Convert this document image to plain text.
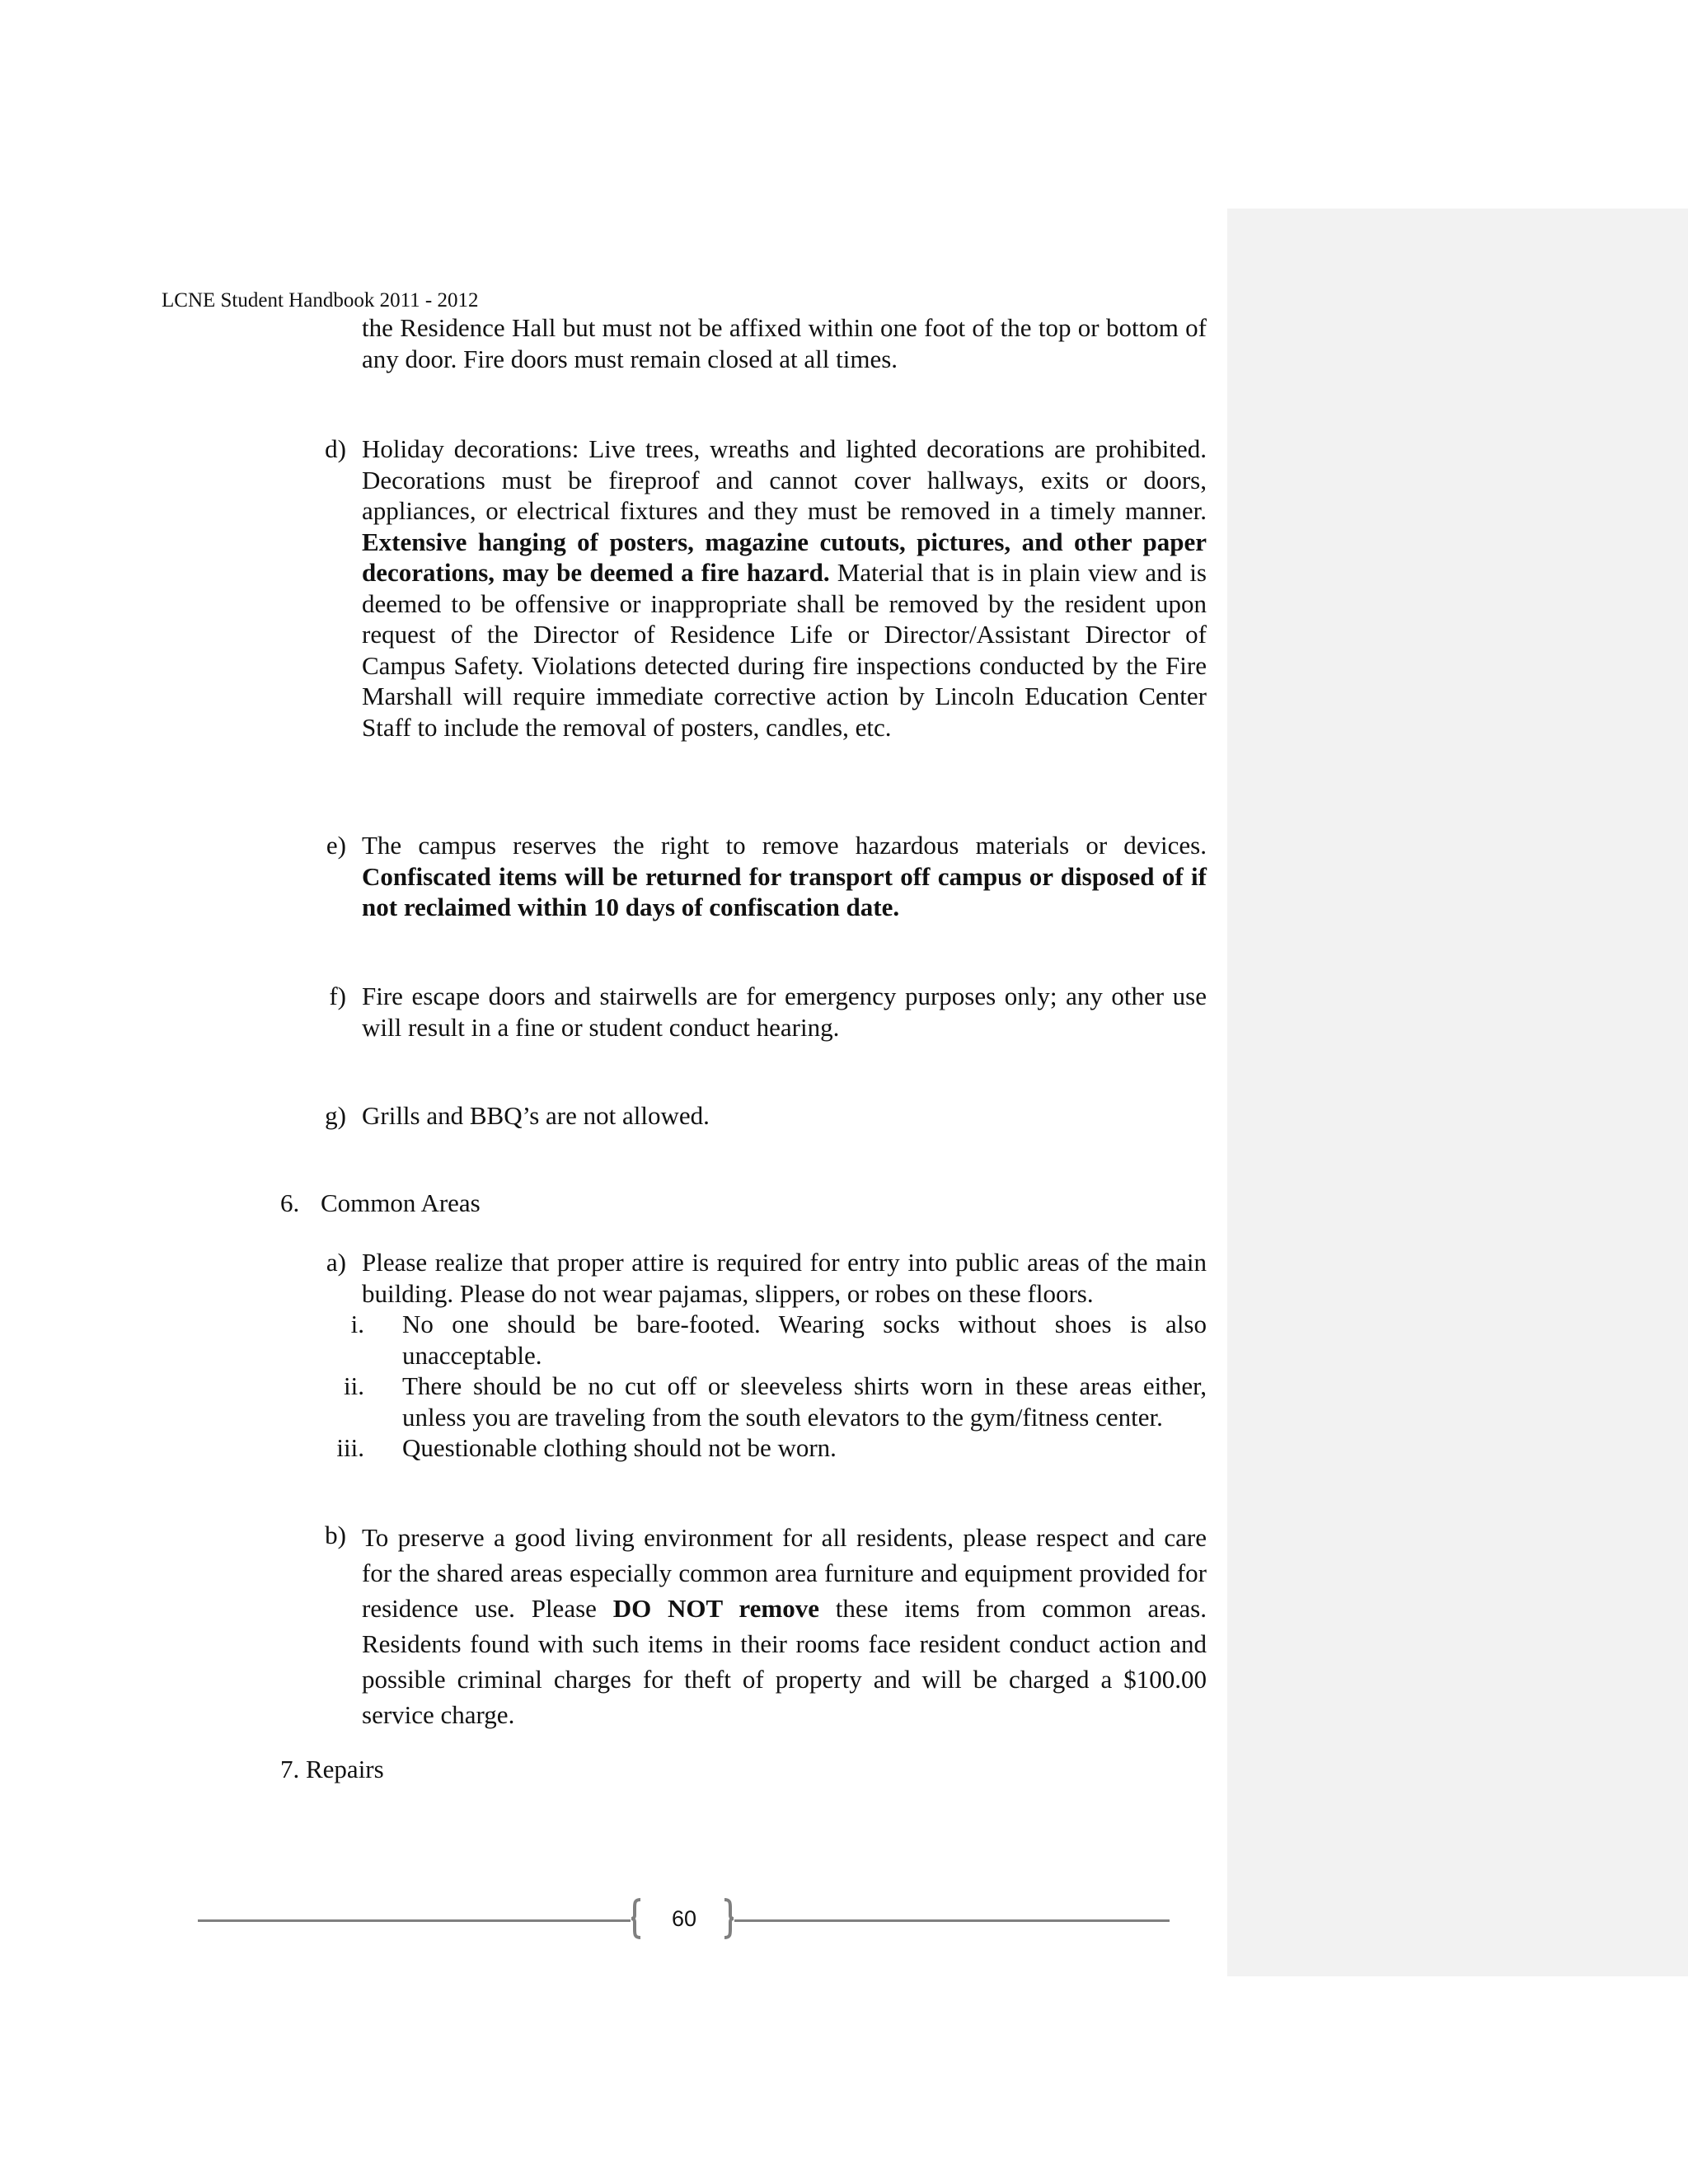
LCNE Student Handbook 2011 - 2012
the Residence Hall but must not be affixed within one foot of the top or bottom of any door. Fire doors must remain closed at all times.
d) Holiday decorations: Live trees, wreaths and lighted decorations are prohibited. Decorations must be fireproof and cannot cover hallways, exits or doors, appliances, or electrical fixtures and they must be removed in a timely manner. Extensive hanging of posters, magazine cutouts, pictures, and other paper decorations, may be deemed a fire hazard. Material that is in plain view and is deemed to be offensive or inappropriate shall be removed by the resident upon request of the Director of Residence Life or Director/Assistant Director of Campus Safety. Violations detected during fire inspections conducted by the Fire Marshall will require immediate corrective action by Lincoln Education Center Staff to include the removal of posters, candles, etc.
e) The campus reserves the right to remove hazardous materials or devices. Confiscated items will be returned for transport off campus or disposed of if not reclaimed within 10 days of confiscation date.
f) Fire escape doors and stairwells are for emergency purposes only; any other use will result in a fine or student conduct hearing.
g) Grills and BBQ’s are not allowed.
6. Common Areas
a) Please realize that proper attire is required for entry into public areas of the main building. Please do not wear pajamas, slippers, or robes on these floors.
i. No one should be bare-footed. Wearing socks without shoes is also unacceptable.
ii. There should be no cut off or sleeveless shirts worn in these areas either, unless you are traveling from the south elevators to the gym/fitness center.
iii. Questionable clothing should not be worn.
b) To preserve a good living environment for all residents, please respect and care for the shared areas especially common area furniture and equipment provided for residence use. Please DO NOT remove these items from common areas. Residents found with such items in their rooms face resident conduct action and possible criminal charges for theft of property and will be charged a $100.00 service charge.
7. Repairs
60
